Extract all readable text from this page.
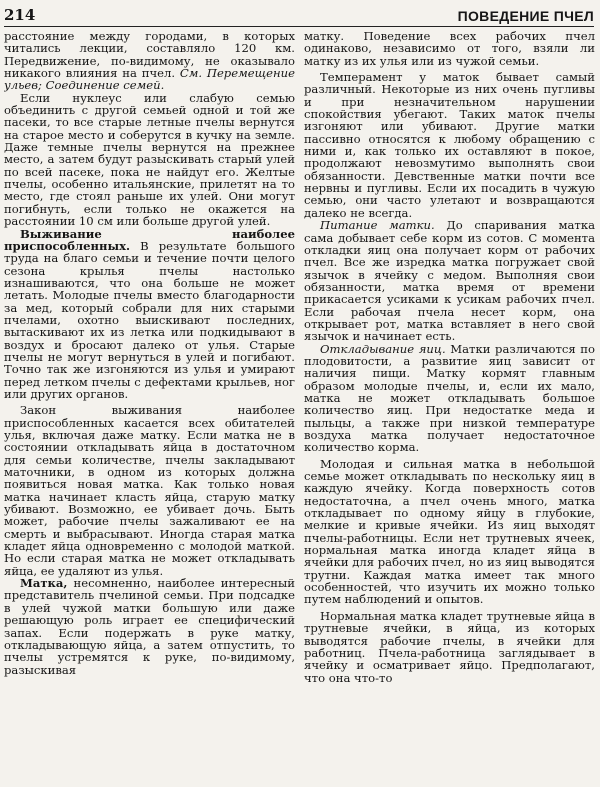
214	ПОВЕДЕНИЕ ПЧЕЛ

расстояние между городами, в которых читались лекции, составляло 120 км. Передвижение, по-видимому, не оказывало никакого влияния на пчел. См. Перемещение ульев; Соединение семей.

Если нуклеус или слабую семью объединить с другой семьей одной и той же пасеки, то все старые летные пчелы вернутся на старое место и соберутся в кучку на земле. Даже темные пчелы вернутся на прежнее место, а затем будут разыскивать старый улей по всей пасеке, пока не найдут его. Желтые пчелы, особенно итальянские, прилетят на то место, где стоял раньше их улей. Они могут погибнуть, если только не окажется на расстоянии 10 см или больше другой улей.

Выживание наиболее приспособленных. В результате большого труда на благо семьи и течение почти целого сезона крылья пчелы настолько изнашиваются, что она больше не может летать. Молодые пчелы вместо благодарности за мед, который собрали для них старыми пчелами, охотно выискивают последних, вытаскивают их из летка или подкидывают в воздух и бросают далеко от улья. Старые пчелы не могут вернуться в улей и погибают. Точно так же изгоняются из улья и умирают перед летком пчелы с дефектами крыльев, ног или других органов.

Закон выживания наиболее приспособленных касается всех обитателей улья, включая даже матку. Если матка не в состоянии откладывать яйца в достаточном для семьи количестве, пчелы закладывают маточники, в одном из которых должна появиться новая матка. Как только новая матка начинает класть яйца, старую матку убивают. Возможно, ее убивает дочь. Быть может, рабочие пчелы зажаливают ее на смерть и выбрасывают. Иногда старая матка кладет яйца одновременно с молодой маткой. Но если старая матка не может откладывать яйца, ее удаляют из улья.

Матка, несомненно, наиболее интересный представитель пчелиной семьи. При подсадке в улей чужой матки большую или даже решающую роль играет ее специфический запах. Если подержать в руке матку, откладывающую яйца, а затем отпустить, то пчелы устремятся к руке, по-видимому, разыскивая

матку. Поведение всех рабочих пчел одинаково, независимо от того, взяли ли матку из их улья или из чужой семьи.

Темперамент у маток бывает самый различный. Некоторые из них очень пугливы и при незначительном нарушении спокойствия убегают. Таких маток пчелы изгоняют или убивают. Другие матки пассивно относятся к любому обращению с ними и, как только их оставляют в покое, продолжают невозмутимо выполнять свои обязанности. Девственные матки почти все нервны и пугливы. Если их посадить в чужую семью, они часто улетают и возвращаются далеко не всегда.

Питание матки. До спаривания матка сама добывает себе корм из сотов. С момента откладки яиц она получает корм от рабочих пчел. Все же изредка матка погружает свой язычок в ячейку с медом. Выполняя свои обязанности, матка время от времени прикасается усиками к усикам рабочих пчел. Если рабочая пчела несет корм, она открывает рот, матка вставляет в него свой язычок и начинает есть.

Откладывание яиц. Матки различаются по плодовитости, а развитие яиц зависит от наличия пищи. Матку кормят главным образом молодые пчелы, и, если их мало, матка не может откладывать большое количество яиц. При недостатке меда и пыльцы, а также при низкой температуре воздуха матка получает недостаточное количество корма.

Молодая и сильная матка в небольшой семье может откладывать по нескольку яиц в каждую ячейку. Когда поверхность сотов недостаточна, а пчел очень много, матка откладывает по одному яйцу в глубокие, мелкие и кривые ячейки. Из яиц выходят пчелы-работницы. Если нет трутневых ячеек, нормальная матка иногда кладет яйца в ячейки для рабочих пчел, но из яиц выводятся трутни. Каждая матка имеет так много особенностей, что изучить их можно только путем наблюдений и опытов.

Нормальная матка кладет трутневые яйца в трутневые ячейки, в яйца, из которых выводятся рабочие пчелы, в ячейки для работниц. Пчела-работница заглядывает в ячейку и осматривает яйцо. Предполагают, что она что-то
